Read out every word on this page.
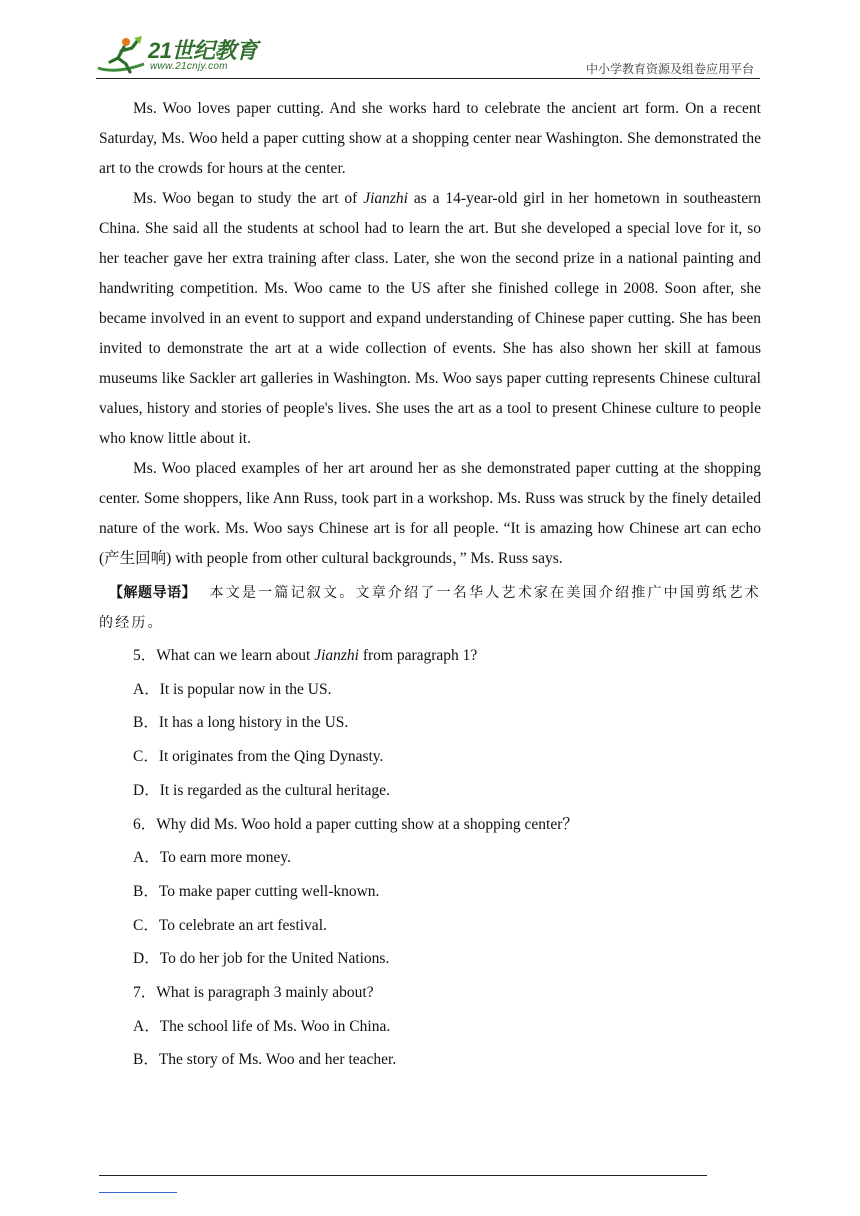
21世纪教育
www.21cnjy.com	中小学教育资源及组卷应用平台

Ms. Woo loves paper cutting. And she works hard to celebrate the ancient art form. On a recent Saturday, Ms. Woo held a paper cutting show at a shopping center near Washington. She demonstrated the art to the crowds for hours at the center.

Ms. Woo began to study the art of Jianzhi as a 14-year-old girl in her hometown in southeastern China. She said all the students at school had to learn the art. But she developed a special love for it, so her teacher gave her extra training after class. Later, she won the second prize in a national painting and handwriting competition. Ms. Woo came to the US after she finished college in 2008. Soon after, she became involved in an event to support and expand understanding of Chinese paper cutting. She has been invited to demonstrate the art at a wide collection of events. She has also shown her skill at famous museums like Sackler art galleries in Washington. Ms. Woo says paper cutting represents Chinese cultural values, history and stories of people's lives. She uses the art as a tool to present Chinese culture to people who know little about it.

Ms. Woo placed examples of her art around her as she demonstrated paper cutting at the shopping center. Some shoppers, like Ann Russ, took part in a workshop. Ms. Russ was struck by the finely detailed nature of the work. Ms. Woo says Chinese art is for all people. “It is amazing how Chinese art can echo (产生回响) with people from other cultural backgrounds，” Ms. Russ says.

【解题导语】 本文是一篇记叙文。文章介绍了一名华人艺术家在美国介绍推广中国剪纸艺术的经历。

5．What can we learn about Jianzhi from paragraph 1?

A．It is popular now in the US.

B．It has a long history in the US.

C．It originates from the Qing Dynasty.

D．It is regarded as the cultural heritage.

6．Why did Ms. Woo hold a paper cutting show at a shopping center？

A．To earn more money.

B．To make paper cutting well-known.

C．To celebrate an art festival.

D．To do her job for the United Nations.

7．What is paragraph 3 mainly about?

A．The school life of Ms. Woo in China.

B．The story of Ms. Woo and her teacher.
